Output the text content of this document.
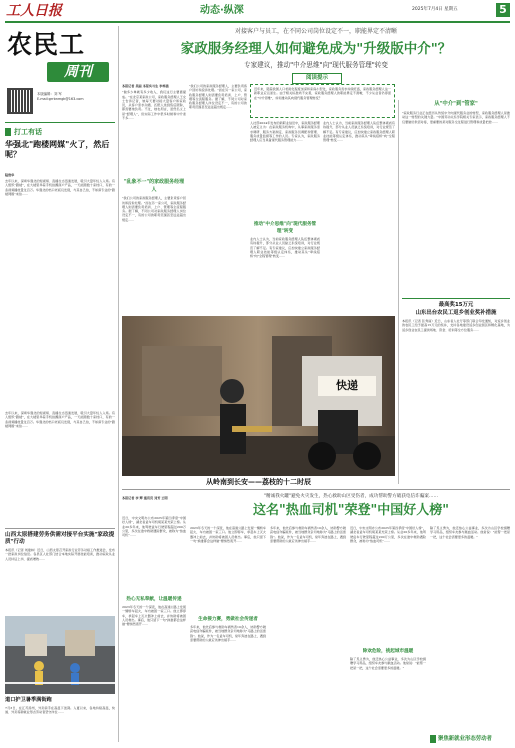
工人日报	动态·纵深	2025年7月4日 星期五	5
农民工
周刊
本版编辑：刘 军
E-mail:grrbnmgk@163.com
打工有话
华强北"跑楼网媒"火了，然后呢？
陆俊华
去年以来，深圳华强北的短视频、直播生态迅速发展，吸引大量年轻人入场。有人组织"跑楼"，在大楼里举着手机拍摄商户产品，一天能跑数十家档口，有的一条视频播放量过百万。华强北的档口老板们发现，与其自己拍，不如请专业的"跑楼网媒"来拍……
去年以来，深圳华强北的短视频、直播生态迅速发展，吸引大量年轻人入场。有人组织"跑楼"，在大楼里举着手机拍摄商户产品，一天能跑数十家档口，有的一条视频播放量过百万。华强北的档口老板们发现，与其自己拍，不如请专业的"跑楼网媒"来拍……
山西太原搭建劳务供需对接平台实施"家政提质"行动
本报讯（记者 刘建林）近日，山西太原召开家政行业劳务对接工作推进会，发布一批家政岗位信息。各县区人社部门结合本地实际开展技能培训，推动家政从业人员持证上岗、提质增效……
道口护卫暑季满街跑
7月3日，在江苏扬州，外卖骑手在高温下送餐。入夏以来，各地持续高温，快递、外卖等新就业形态劳动者坚守岗位……
对接客户与员工，在不同公司岗位设定不一，职能界定不清晰
家政服务经理人如何避免成为"升级版中介"？
专家建议，推动"中介思维"向"现代服务管理"转变
阅读提示
近年来，随着我国人口老龄化程度加深和家庭小型化，家政服务需求持续旺盛，家政服务经理人这一新职业应运而生。由于相关标准尚不完善，家政服务经理人的职能界定不清晰，不少从业者仍停留在"中介思维"，如何推动其向现代服务管理转变？
本报记者 吴丽 本报实习生 李梓涵
"做多少单就有多少收入，我们这行主要靠提成。"在北京某家政公司，家政服务经理人王女士告诉记者，她每天要对接大量客户和家政员，从客户需求沟通、匹配人选到售后跟踪，都需要她负责。不过，她也坦言，虽然名义上是"经理人"，但实际工作中很多时候和中介差不多……
"乱象不一"的家政服务经理人
"我们公司的家政服务经理人，主要负责客户回访和投诉处理。"而在另一家公司，家政服务经理人则需要负责培训、上户、管理等全流程服务。据了解，不同公司对家政服务经理人岗位设定不一，有的公司的职责范围甚至远远超出规定……
"我们公司的家政服务经理人，主要负责客户回访和投诉处理。"而在另一家公司，家政服务经理人则需要负责培训、上户、管理等全流程服务。据了解，不同公司对家政服务经理人岗位设定不一，有的公司的职责范围甚至远远超出规定……
人社部2024年发布的新职业信息中，家政服务经理人被定义为：在家政服务机构中，从事家政服务需求调研、服务方案制定、家政服务员调配和管理、服务质量监督等工作的人员。专家认为，家政服务经理人应当具备现代服务管理能力……
推动"中介思维"向"现代服务管理"转变
业内人士认为，当前家政服务经理人队伍整体素质有待提升，部分从业人员缺乏系统培训，对行业规范了解不足。有专家建议，应加快建立家政服务经理人职业技能等级认定体系，推动其从"牵线搭桥"向"全程管理"转变……
业内人士认为，当前家政服务经理人队伍整体素质有待提升，部分从业人员缺乏系统培训，对行业规范了解不足。有专家建议，应加快建立家政服务经理人职业技能等级认定体系，推动其从"牵线搭桥"向"全程管理"转变……
快递
从岭南到长安——荔枝的十二时辰
从"中介"到"管家"
"家政服务行业正在经历从传统中介向现代服务业的转型，家政服务经理人是推动这一转型的关键力量。"中国劳动关系学院相关专家表示，家政服务经理人不仅要做好供需对接，更重要的是对服务全过程进行管理和质量把控……
最高奖15万元
山东出台农民工返乡创业奖补措施
本报讯（记者 张秀丽）近日，山东省人社厅等部门联合印发通知，对返乡创业的农民工给予最高15万元的奖补，支持各地建设返乡创业园区和孵化基地，为返乡创业农民工提供场地、资金、培训等全方位服务……
本报记者 李 辉 通讯员 刘芳 王明	"精诚我火罐"避免火灾发生，热心救助山区受伤者，成功帮助警方破获电信诈骗案……
这名"热血司机"荣登"中国好人榜"
近日，中央文明办公布2025年第四季度"中国好人榜"，湖北省货车司机胡某某光荣上榜。从业20多年来，他驾驶货车行驶里程超过200万公里，多次在途中救助遇险群众，被称为"热血司机"……
热心无私奉献，让温暖传递
2023年冬天的一个深夜，他在高速公路上发现一辆轿车起火，车内被困一家三口。他立即停车，拿起车上灭火器冲上前去，并协助将被困人员救出。事后，他只留下一句"换谁都会这样做"便悄然离开……
2023年冬天的一个深夜，他在高速公路上发现一辆轿车起火，车内被困一家三口。他立即停车，拿起车上灭火器冲上前去，并协助将被困人员救出。事后，他只留下一句"换谁都会这样做"便悄然离开……
生命接力赛，勇做社会传递者
多年来，他先后参与救助车祸伤者10余人，协助警方破获电信诈骗案件，被当地群众亲切地称为"马路上的活雷锋"。他说，作为一名货车司机，常年奔波在路上，遇到需要帮助的人就应该伸出援手……
多年来，他先后参与救助车祸伤者10余人，协助警方破获电信诈骗案件，被当地群众亲切地称为"马路上的活雷锋"。他说，作为一名货车司机，常年奔波在路上，遇到需要帮助的人就应该伸出援手……
近日，中央文明办公布2025年第四季度"中国好人榜"，湖北省货车司机胡某某光荣上榜。从业20多年来，他驾驶货车行驶里程超过200万公里，多次在途中救助遇险群众，被称为"热血司机"……
除欢危险，挑起城市温暖
除了见义勇为，他还热心公益事业，多次为山区学校捐赠学习用品，组织车友参与献血活动。他常说："能帮一把是一把，这个社会需要更多的温暖。"
除了见义勇为，他还热心公益事业，多次为山区学校捐赠学习用品，组织车友参与献血活动。他常说："能帮一把是一把，这个社会需要更多的温暖。"
聚焦新就业形态劳动者
